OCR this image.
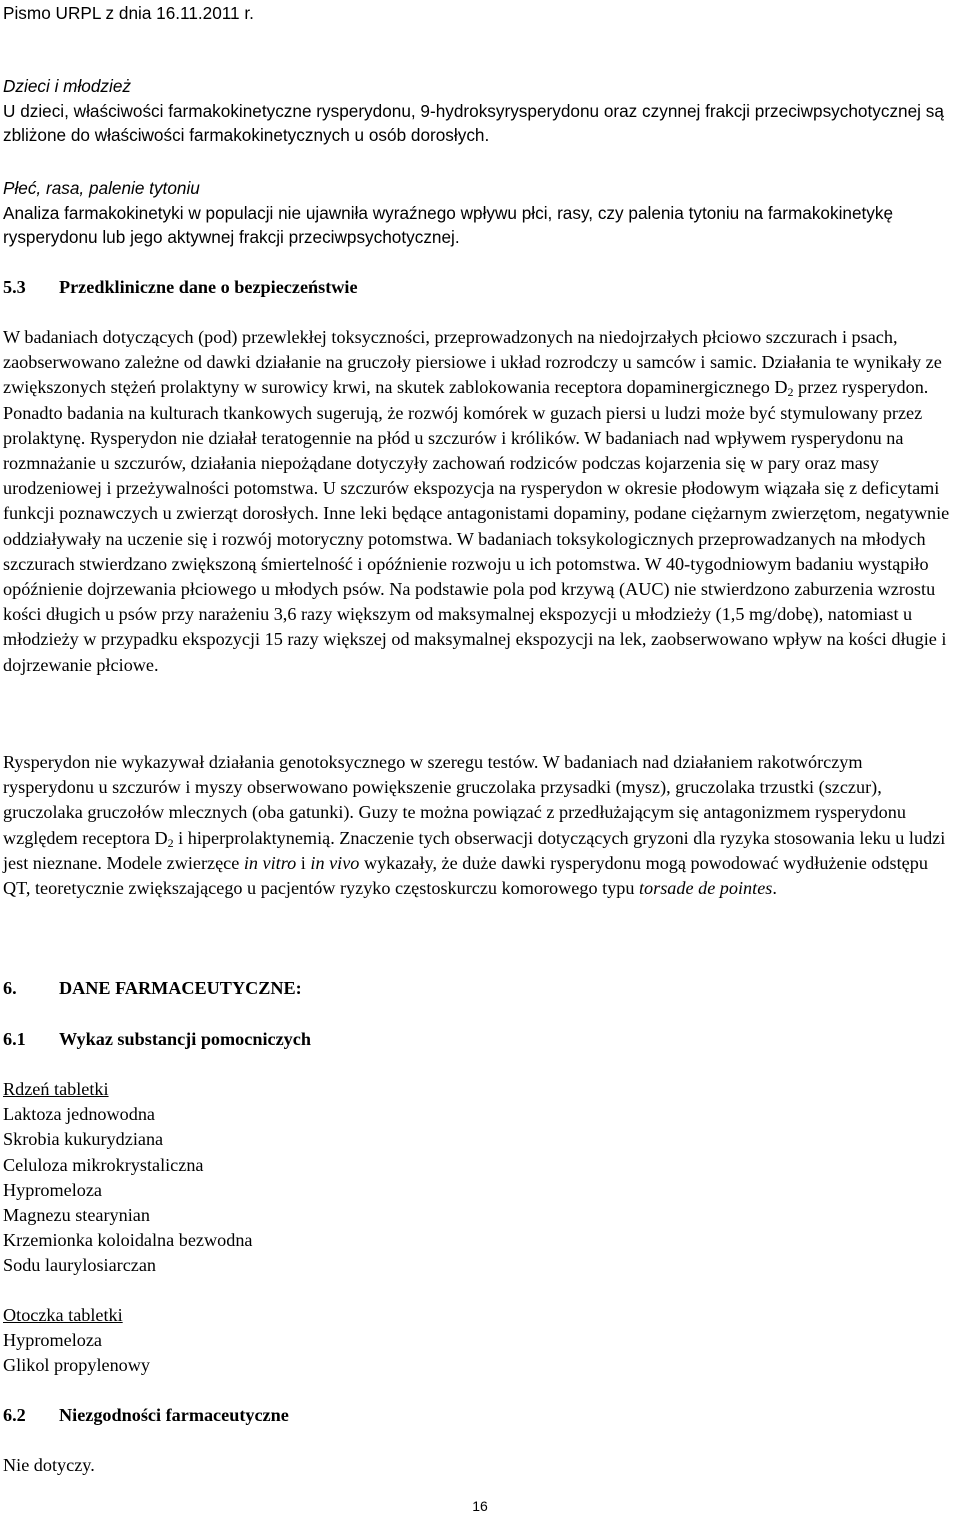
Pismo URPL z dnia 16.11.2011 r.

Dzieci i młodzież

U dzieci, właściwości farmakokinetyczne rysperydonu, 9-hydroksyrysperydonu oraz czynnej frakcji przeciwpsychotycznej są zbliżone do właściwości farmakokinetycznych u osób dorosłych.

Płeć, rasa, palenie tytoniu

Analiza farmakokinetyki w populacji nie ujawniła wyraźnego wpływu płci, rasy, czy palenia tytoniu na farmakokinetykę rysperydonu lub jego aktywnej frakcji przeciwpsychotycznej.

5.3 Przedkliniczne dane o bezpieczeństwie

W badaniach dotyczących (pod) przewlekłej toksyczności, przeprowadzonych na niedojrzałych płciowo szczurach i psach, zaobserwowano zależne od dawki działanie na gruczoły piersiowe i układ rozrodczy u samców i samic. Działania te wynikały ze zwiększonych stężeń prolaktyny w surowicy krwi, na skutek zablokowania receptora dopaminergicznego $D_2$ przez rysperydon. Ponadto badania na kulturach tkankowych sugerują, że rozwój komórek w guzach piersi u ludzi może być stymulowany przez prolaktynę. Rysperydon nie działał teratogennie na płód u szczurów i królików. W badaniach nad wpływem rysperydonu na rozmnażanie u szczurów, działania niepożądane dotyczyły zachowań rodziców podczas kojarzenia się w pary oraz masy urodzeniowej i przeżywalności potomstwa. U szczurów ekspozycja na rysperydon w okresie płodowym wiązała się z deficytami funkcji poznawczych u zwierząt dorosłych. Inne leki będące antagonistami dopaminy, podane ciężarnym zwierzętom, negatywnie oddziaływały na uczenie się i rozwój motoryczny potomstwa. W badaniach toksykologicznych przeprowadzanych na młodych szczurach stwierdzano zwiększoną śmiertelność i opóźnienie rozwoju u ich potomstwa. W 40-tygodniowym badaniu wystąpiło opóźnienie dojrzewania płciowego u młodych psów. Na podstawie pola pod krzywą (AUC) nie stwierdzono zaburzenia wzrostu kości długich u psów przy narażeniu 3,6 razy większym od maksymalnej ekspozycji u młodzieży (1,5 mg/dobę), natomiast u młodzieży w przypadku ekspozycji 15 razy większej od maksymalnej ekspozycji na lek, zaobserwowano wpływ na kości długie i dojrzewanie płciowe.

Rysperydon nie wykazywał działania genotoksycznego w szeregu testów. W badaniach nad działaniem rakotwórczym rysperydonu u szczurów i myszy obserwowano powiększenie gruczolaka przysadki (mysz), gruczolaka trzustki (szczur), gruczolaka gruczołów mlecznych (oba gatunki). Guzy te można powiązać z przedłużającym się antagonizmem rysperydonu względem receptora $D_2$ i hiperprolaktynemią. Znaczenie tych obserwacji dotyczących gryzoni dla ryzyka stosowania leku u ludzi jest nieznane. Modele zwierzęce in vitro i in vivo wykazały, że duże dawki rysperydonu mogą powodować wydłużenie odstępu QT, teoretycznie zwiększającego u pacjentów ryzyko częstoskurczu komorowego typu torsade de pointes.

6. DANE FARMACEUTYCZNE:
6.1 Wykaz substancji pomocniczych

Rdzeń tabletki

Laktoza jednowodna

Skrobia kukurydziana

Celuloza mikrokrystaliczna

Hypromeloza

Magnezu stearynian

Krzemionka koloidalna bezwodna

Sodu laurylosiarczan

Otoczka tabletki

Hypromeloza

Glikol propylenowy

6.2 Niezgodności farmaceutyczne
Nie dotyczy.
16
